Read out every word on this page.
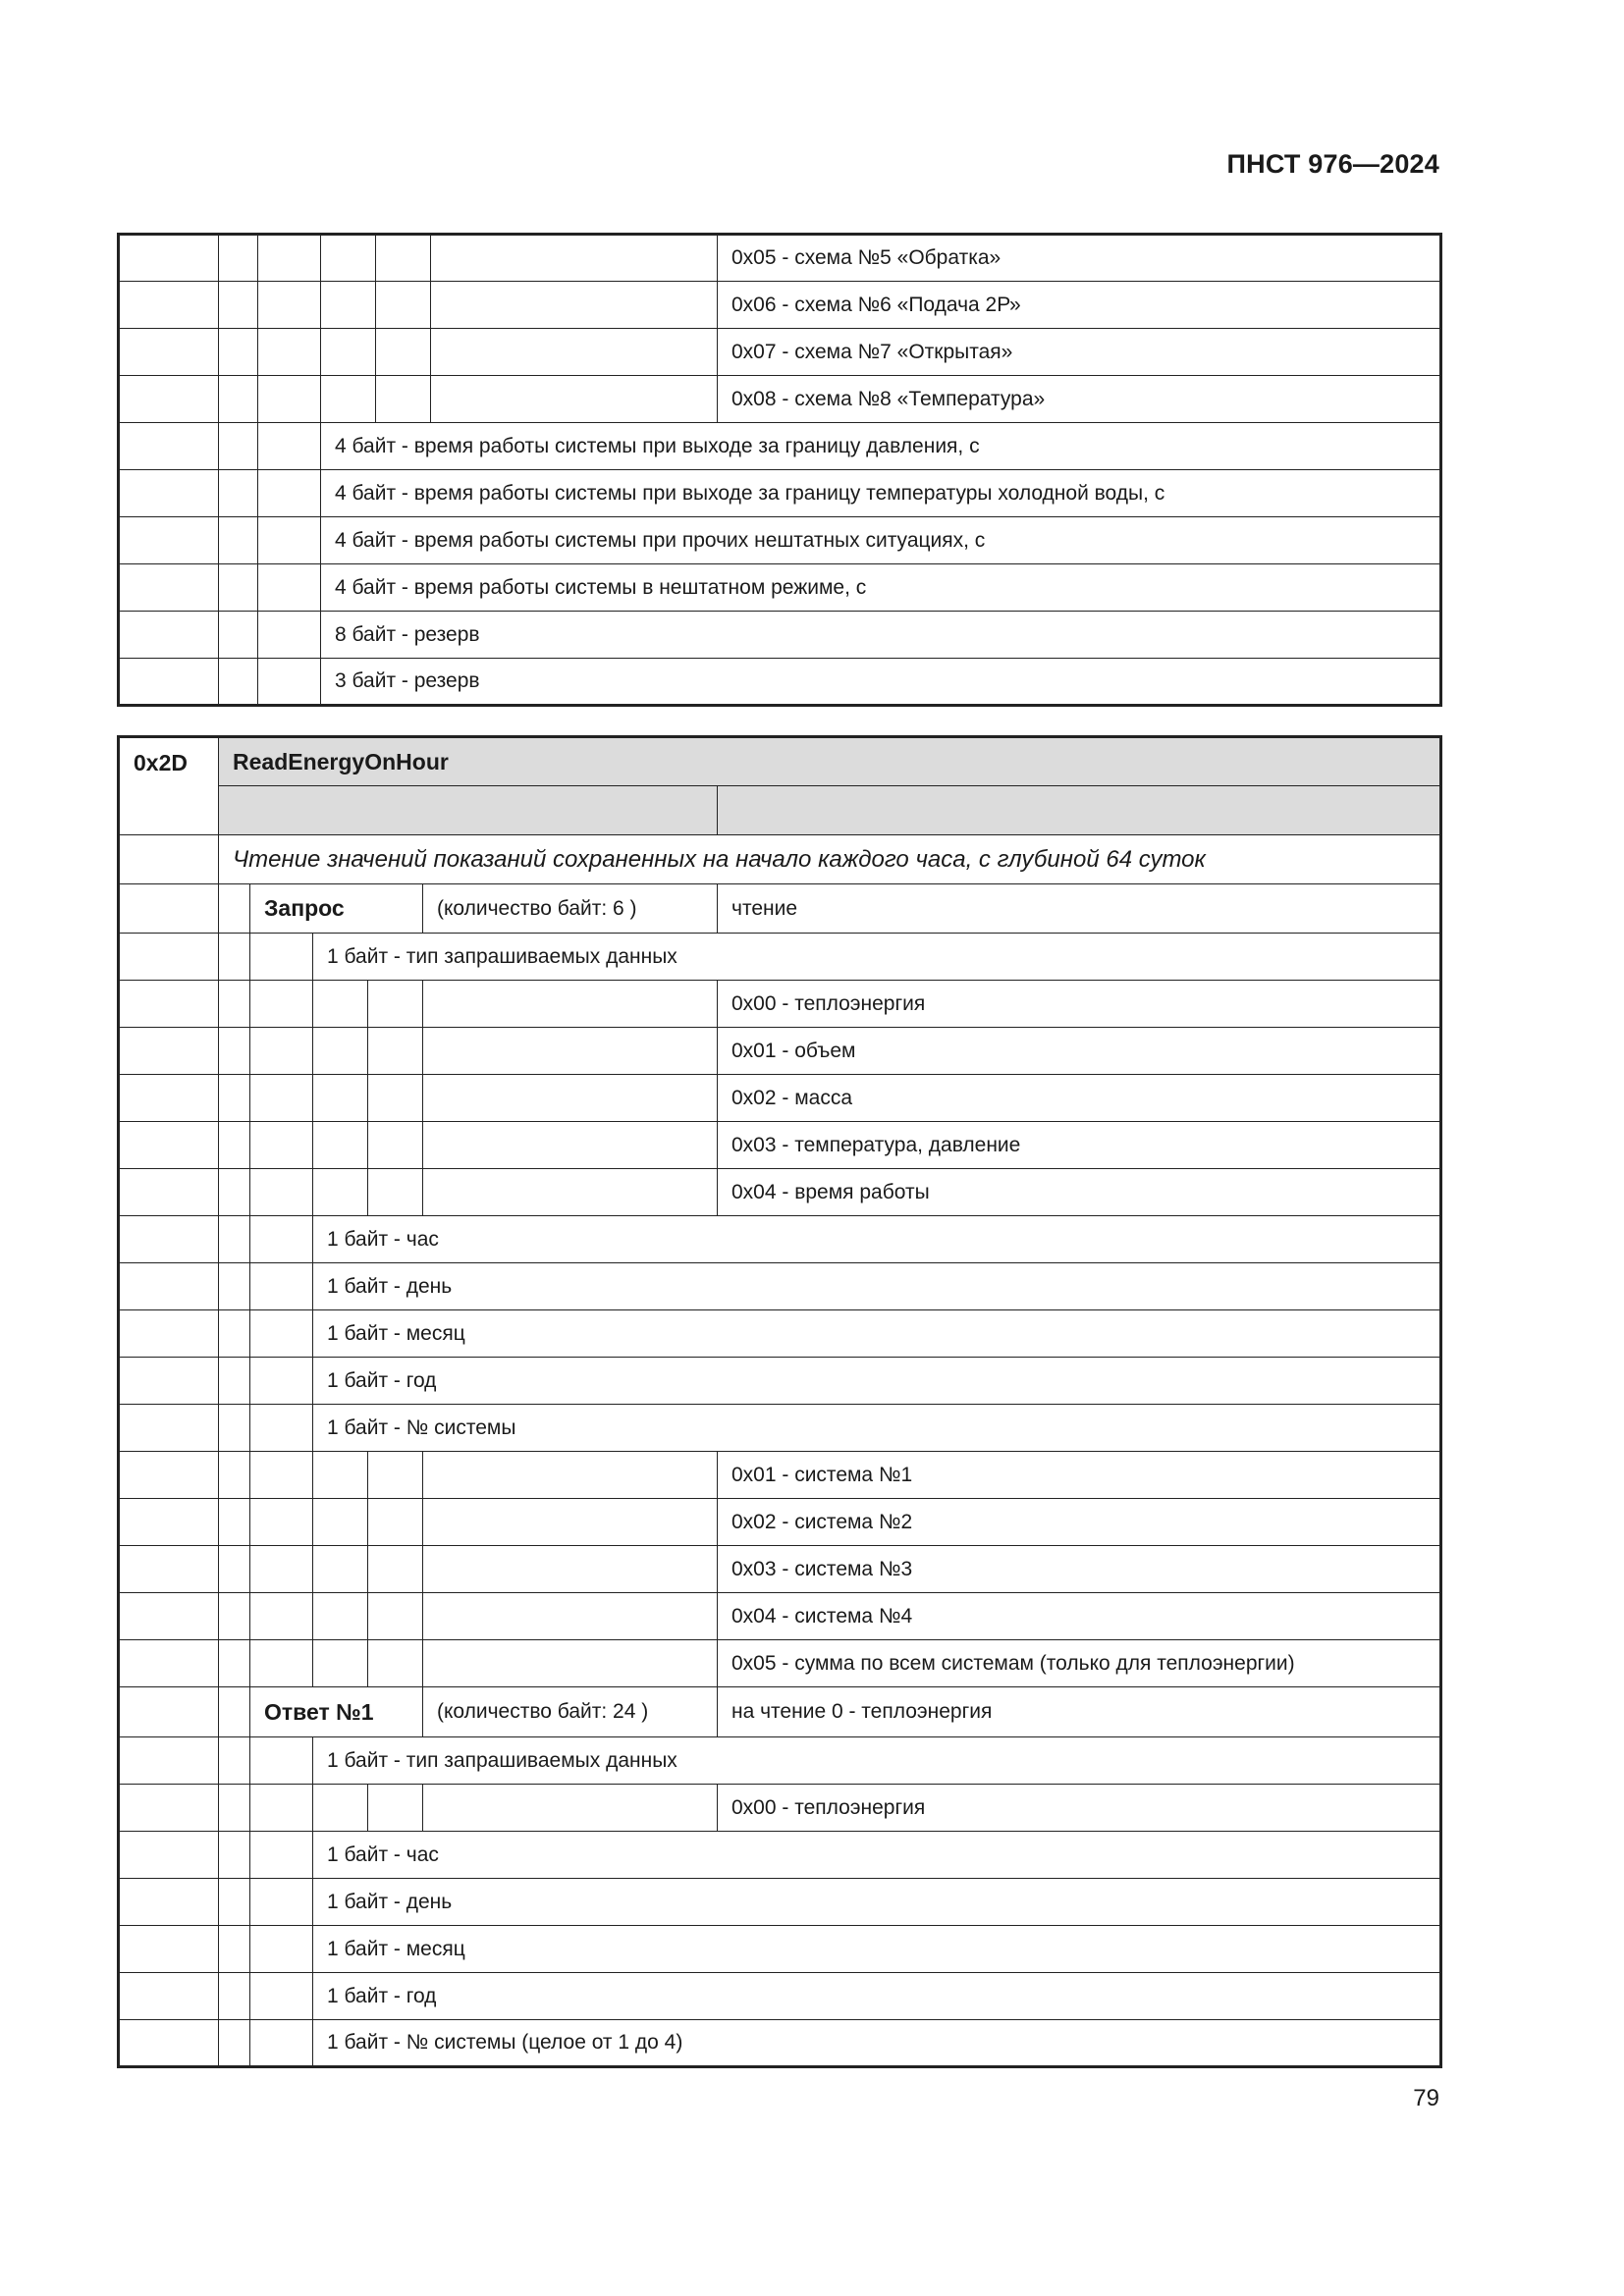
ПНСТ 976—2024
						0x05 - схема №5 «Обратка»
						0x06 - схема №6 «Подача 2Р»
						0x07 - схема №7 «Открытая»
						0x08 - схема №8 «Температура»
			4 байт - время работы системы при выходе за границу давления, с			
			4 байт - время работы системы при выходе за границу температуры холодной воды, с			
			4 байт - время работы системы при прочих нештатных ситуациях, с			
			4 байт - время работы системы в нештатном режиме, с			
			8 байт - резерв			
			3 байт - резерв			
0x2D	ReadEnergyOnHour					

	Чтение значений показаний сохраненных на начало каждого часа, с глубиной 64 суток					
		Запрос			(количество байт: 6 )	чтение
			1 байт - тип запрашиваемых данных			
						0x00 - теплоэнергия
						0x01 - объем
						0x02 - масса
						0x03 - температура, давление
						0x04 - время работы
			1 байт - час			
			1 байт - день			
			1 байт - месяц			
			1 байт - год			
			1 байт - № системы			
						0x01 - система №1
						0x02 - система №2
						0x03 - система №3
						0x04 - система №4
						0x05 - сумма по всем системам (только для теплоэнергии)
		Ответ №1			(количество байт: 24 )	на чтение 0 - теплоэнергия
			1 байт - тип запрашиваемых данных			
						0x00 - теплоэнергия
			1 байт - час			
			1 байт - день			
			1 байт - месяц			
			1 байт - год			
			1 байт - № системы (целое от 1 до 4)			
79
